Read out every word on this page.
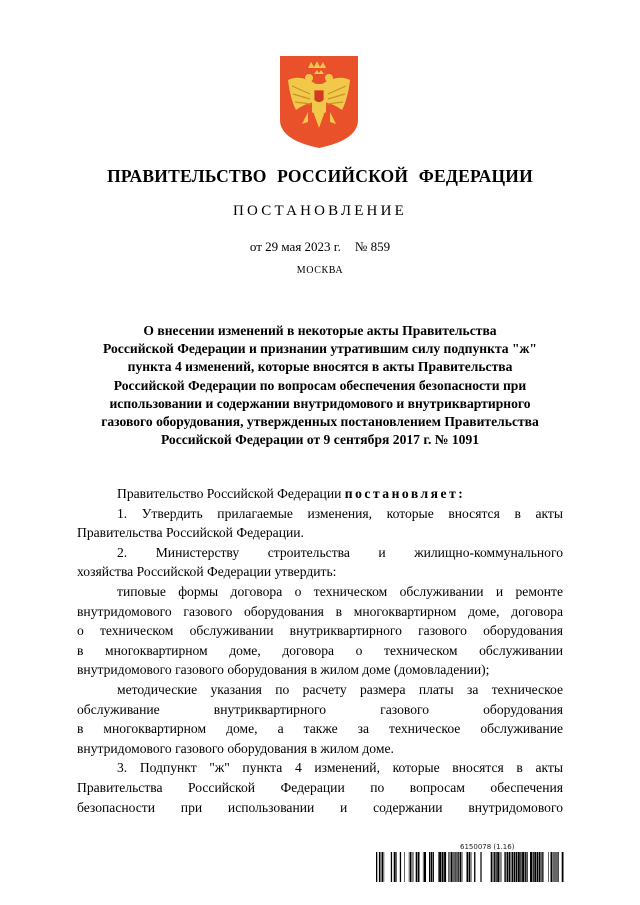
ПРАВИТЕЛЬСТВО РОССИЙСКОЙ ФЕДЕРАЦИИ
ПОСТАНОВЛЕНИЕ
от 29 мая 2023 г. № 859
МОСКВА
О внесении изменений в некоторые акты Правительства
Российской Федерации и признании утратившим силу подпункта "ж"
пункта 4 изменений, которые вносятся в акты Правительства
Российской Федерации по вопросам обеспечения безопасности при
использовании и содержании внутридомового и внутриквартирного
газового оборудования, утвержденных постановлением Правительства
Российской Федерации от 9 сентября 2017 г. № 1091

Правительство Российской Федерации постановляет:

1. Утвердить прилагаемые изменения, которые вносятся в акты
Правительства Российской Федерации.

2. Министерству строительства и жилищно-коммунального
хозяйства Российской Федерации утвердить:

типовые формы договора о техническом обслуживании и ремонте
внутридомового газового оборудования в многоквартирном доме, договора
о техническом обслуживании внутриквартирного газового оборудования
в многоквартирном доме, договора о техническом обслуживании
внутридомового газового оборудования в жилом доме (домовладении);

методические указания по расчету размера платы за техническое
обслуживание внутриквартирного газового оборудования
в многоквартирном доме, а также за техническое обслуживание
внутридомового газового оборудования в жилом доме.

3. Подпункт "ж" пункта 4 изменений, которые вносятся в акты
Правительства Российской Федерации по вопросам обеспечения
безопасности при использовании и содержании внутридомового

6150078 (1.16)
